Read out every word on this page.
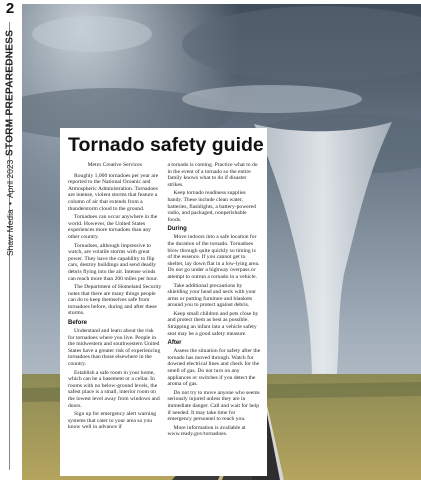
2
Shaw Media
•
April 2023
STORM PREPAREDNESS	Tornado safety guide

Metro Creative Services

Roughly 1,000 tornadoes per year are reported to the National Oceanic and Atmospheric Administration. Tornadoes are intense, violent storms that feature a column of air that extends from a thunderstorm cloud to the ground.

Tornadoes can occur anywhere in the world. However, the United States experiences more tornadoes than any other country.

Tornadoes, although impressive to watch, are volatile storms with great power. They have the capability to flip cars, destroy buildings and send deadly debris flying into the air. Intense winds can reach more than 200 miles per hour.

The Department of Homeland Security notes that there are many things people can do to keep themselves safe from tornadoes before, during and after these storms.

Before

Understand and learn about the risk for tornadoes where you live. People in the midwestern and southwestern United States have a greater risk of experiencing tornadoes than those elsewhere in the country.

Establish a safe room in your home, which can be a basement or a cellar. In rooms with no below-ground levels, the safest place is a small, interior room on the lowest level away from windows and doors.

Sign up for emergency alert warning systems that cater to your area so you know well in advance if

a tornado is coming. Practice what to do in the event of a tornado so the entire family knows what to do if disaster strikes.

Keep tornado readiness supplies handy. These include clean water, batteries, flashlights, a battery-powered radio, and packaged, nonperishable foods.

During

Move indoors into a safe location for the duration of the tornado. Tornadoes blow through quite quickly so timing is of the essence. If you cannot get to shelter, lay down flat in a low-lying area. Do not go under a highway overpass or attempt to outrun a tornado in a vehicle.

Take additional precautions by shielding your head and neck with your arms or putting furniture and blankets around you to protect against debris.

Keep small children and pets close by and protect them as best as possible. Strapping an infant into a vehicle safety seat may be a good safety measure.

After

Assess the situation for safety after the tornado has moved through. Watch for downed electrical lines and check for the smell of gas. Do not turn on any appliances or switches if you detect the aroma of gas.

Do not try to move anyone who seems seriously injured unless they are in immediate danger. Call and wait for help if needed. It may take time for emergency personnel to reach you.

More information is available at www.ready.gov/tornadoes.
